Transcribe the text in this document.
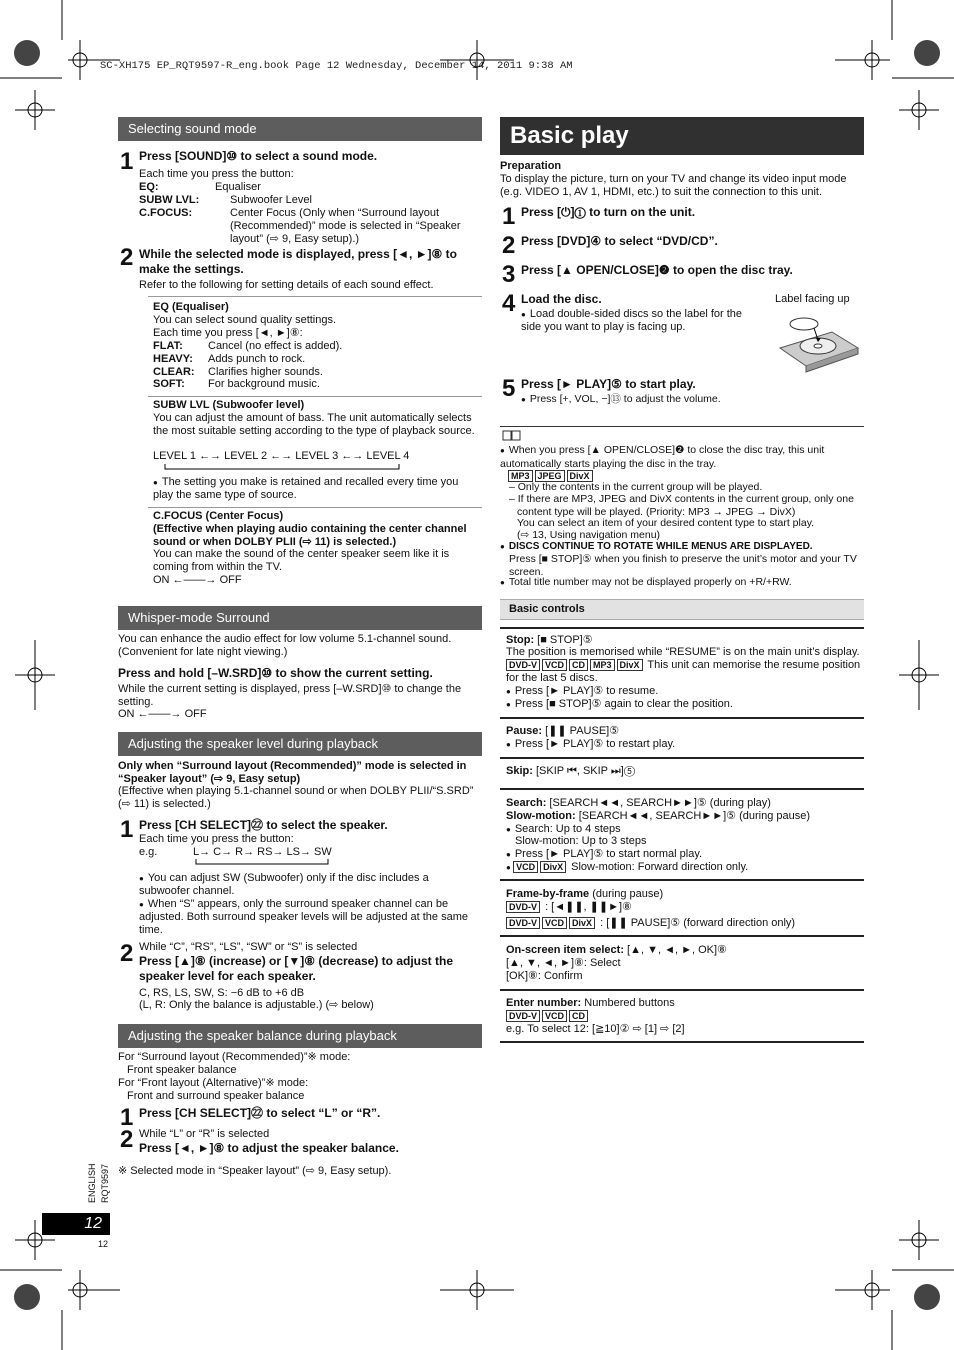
SC-XH175 EP_RQT9597-R_eng.book Page 12 Wednesday, December 14, 2011 9:38 AM
Selecting sound mode
1 Press [SOUND]⑩ to select a sound mode.
Each time you press the button:
EQ:	Equaliser
SUBW LVL:	Subwoofer Level
C.FOCUS:	Center Focus (Only when “Surround layout (Recommended)” mode is selected in “Speaker layout” (⇨ 9, Easy setup).)
2 While the selected mode is displayed, press [◄, ►]⑧ to make the settings.
Refer to the following for setting details of each sound effect.
EQ (Equaliser)
You can select sound quality settings.
Each time you press [◄, ►]⑧:
FLAT: Cancel (no effect is added).
HEAVY: Adds punch to rock.
CLEAR: Clarifies higher sounds.
SOFT: For background music.
SUBW LVL (Subwoofer level)
You can adjust the amount of bass. The unit automatically selects the most suitable setting according to the type of playback source.
LEVEL 1 ←→ LEVEL 2 ←→ LEVEL 3 ←→ LEVEL 4
● The setting you make is retained and recalled every time you play the same type of source.
C.FOCUS (Center Focus)
(Effective when playing audio containing the center channel sound or when DOLBY PLII (⇨ 11) is selected.)
You can make the sound of the center speaker seem like it is coming from within the TV.
ON ←——→ OFF
Whisper-mode Surround
You can enhance the audio effect for low volume 5.1-channel sound. (Convenient for late night viewing.)
Press and hold [–W.SRD]⑩ to show the current setting.
While the current setting is displayed, press [–W.SRD]⑩ to change the setting.
ON ←——→ OFF
Adjusting the speaker level during playback
Only when “Surround layout (Recommended)” mode is selected in “Speaker layout” (⇨ 9, Easy setup)
(Effective when playing 5.1-channel sound or when DOLBY PLII/“S.SRD” (⇨ 11) is selected.)
1 Press [CH SELECT]㉒ to select the speaker.
Each time you press the button:
e.g.	L→ C→ R→ RS→ LS→ SW
● You can adjust SW (Subwoofer) only if the disc includes a subwoofer channel.
● When “S” appears, only the surround speaker channel can be adjusted. Both surround speaker levels will be adjusted at the same time.
2 While “C”, “RS”, “LS”, “SW” or “S” is selected
Press [▲]⑧ (increase) or [▼]⑧ (decrease) to adjust the speaker level for each speaker.
C, RS, LS, SW, S: −6 dB to +6 dB
(L, R: Only the balance is adjustable.) (⇨ below)
Adjusting the speaker balance during playback
For “Surround layout (Recommended)”※ mode:
Front speaker balance
For “Front layout (Alternative)”※ mode:
Front and surround speaker balance
1 Press [CH SELECT]㉒ to select “L” or “R”.
2 While “L” or “R” is selected
Press [◄, ►]⑧ to adjust the speaker balance.
※ Selected mode in “Speaker layout” (⇨ 9, Easy setup).
ENGLISH RQT9597
12
12
Basic play
Preparation
To display the picture, turn on your TV and change its video input mode (e.g. VIDEO 1, AV 1, HDMI, etc.) to suit the connection to this unit.
1 Press [⏻]① to turn on the unit.
2 Press [DVD]④ to select “DVD/CD”.
3 Press [▲ OPEN/CLOSE]❷ to open the disc tray.
4 Load the disc.
● Load double-sided discs so the label for the side you want to play is facing up.
Label facing up
5 Press [► PLAY]⑤ to start play.
● Press [+, VOL, −]⑬ to adjust the volume.
● When you press [▲ OPEN/CLOSE]❷ to close the disc tray, this unit automatically starts playing the disc in the tray.
MP3 JPEG DivX
– Only the contents in the current group will be played.
– If there are MP3, JPEG and DivX contents in the current group, only one content type will be played. (Priority: MP3 → JPEG → DivX)
You can select an item of your desired content type to start play.
(⇨ 13, Using navigation menu)
● DISCS CONTINUE TO ROTATE WHILE MENUS ARE DISPLAYED.
Press [■ STOP]⑤ when you finish to preserve the unit’s motor and your TV screen.
● Total title number may not be displayed properly on +R/+RW.
Basic controls
Stop: [■ STOP]⑤
The position is memorised while “RESUME” is on the main unit’s display.
DVD-V VCD CD MP3 DivX This unit can memorise the resume position for the last 5 discs.
● Press [► PLAY]⑤ to resume.
● Press [■ STOP]⑤ again to clear the position.
Pause: [❚❚ PAUSE]⑤
● Press [► PLAY]⑤ to restart play.
Skip: [SKIP ⏮, SKIP ⏭]⑤
Search: [SEARCH◄◄, SEARCH►►]⑤ (during play)
Slow-motion: [SEARCH◄◄, SEARCH►►]⑤ (during pause)
● Search: Up to 4 steps
Slow-motion: Up to 3 steps
● Press [► PLAY]⑤ to start normal play.
● VCD DivX Slow-motion: Forward direction only.
Frame-by-frame (during pause)
DVD-V : [◄❚❚, ❚❚►]⑧
DVD-V VCD DivX : [❚❚ PAUSE]⑤ (forward direction only)
On-screen item select: [▲, ▼, ◄, ►, OK]⑧
[▲, ▼, ◄, ►]⑧: Select
[OK]⑧: Confirm
Enter number: Numbered buttons
DVD-V VCD CD
e.g. To select 12: [≧10]② ⇨ [1] ⇨ [2]
